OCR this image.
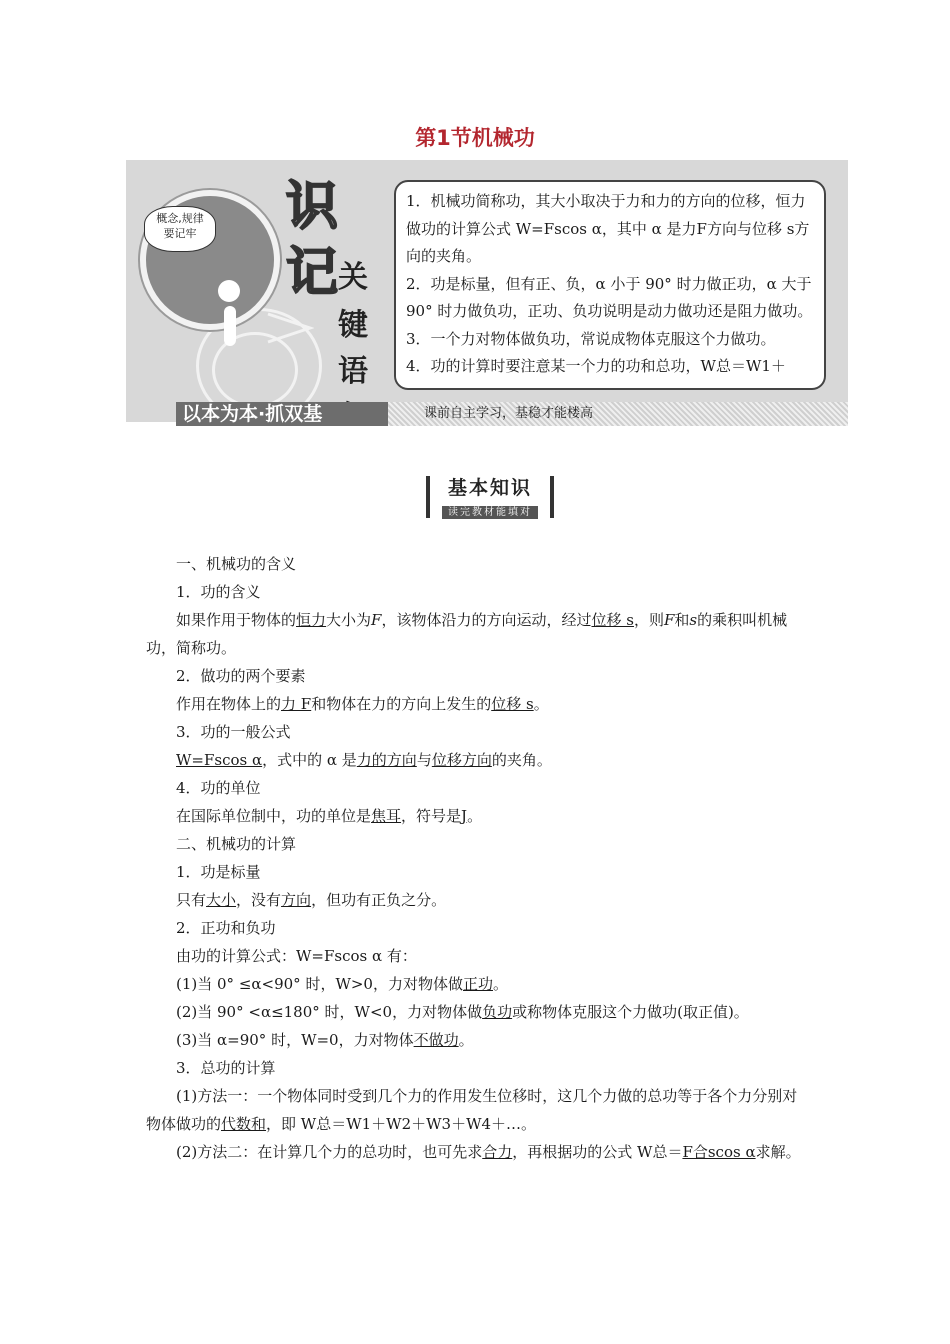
第1节机械功
概念,规律
要记牢 识
记 关
键
语

1．机械功简称功，其大小取决于力和力的方向的位移，恒力做功的计算公式 W=Fscos α，其中 α 是力F方向与位移 s方向的夹角。

2．功是标量，但有正、负，α 小于 90° 时力做正功，α 大于 90° 时力做负功，正功、负功说明是动力做功还是阻力做功。

3．一个力对物体做负功，常说成物体克服这个力做功。

4．功的计算时要注意某一个力的功和总功，W总＝W1＋

以本为本·抓双基	课前自主学习，基稳才能楼高
基本知识
读完教材能填对

一、机械功的含义

1．功的含义

如果作用于物体的恒力大小为F，该物体沿力的方向运动，经过位移 s，则F和s的乘积叫机械功，简称功。

2．做功的两个要素

作用在物体上的力 F和物体在力的方向上发生的位移 s。

3．功的一般公式

W=Fscos α，式中的 α 是力的方向与位移方向的夹角。

4．功的单位

在国际单位制中，功的单位是焦耳，符号是J。

二、机械功的计算

1．功是标量

只有大小，没有方向，但功有正负之分。

2．正功和负功

由功的计算公式：W=Fscos α 有：

(1)当 0° ≤α<90° 时，W>0，力对物体做正功。

(2)当 90° <α≤180° 时，W<0，力对物体做负功或称物体克服这个力做功(取正值)。

(3)当 α=90° 时，W=0，力对物体不做功。

3．总功的计算

(1)方法一：一个物体同时受到几个力的作用发生位移时，这几个力做的总功等于各个力分别对物体做功的代数和，即 W总＝W1＋W2＋W3＋W4＋…。

(2)方法二：在计算几个力的总功时，也可先求合力，再根据功的公式 W总＝F合scos α求解。
